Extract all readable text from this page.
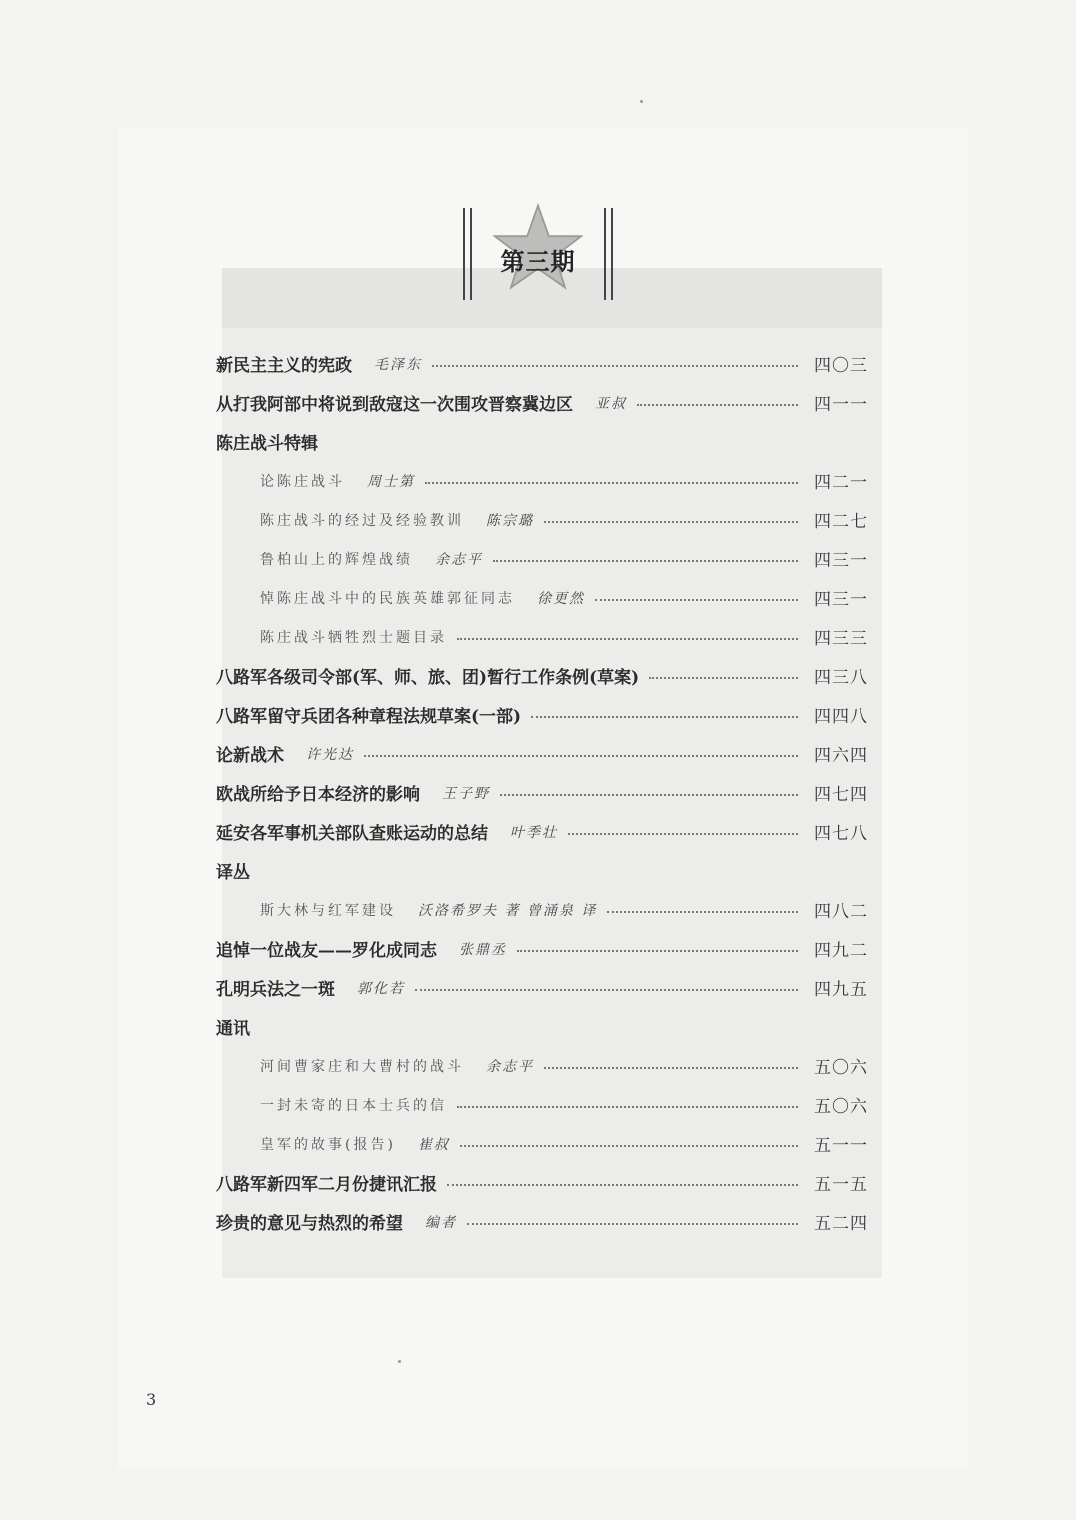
第三期
新民主主义的宪政 毛泽东	四〇三
从打我阿部中将说到敌寇这一次围攻晋察冀边区 亚叔	四一一
陈庄战斗特辑
论陈庄战斗 周士第	四二一
陈庄战斗的经过及经验教训 陈宗璐	四二七
鲁柏山上的辉煌战绩 余志平	四三一
悼陈庄战斗中的民族英雄郭征同志 徐更然	四三一
陈庄战斗牺牲烈士题目录	四三三
八路军各级司令部(军、师、旅、团)暂行工作条例(草案)	四三八
八路军留守兵团各种章程法规草案(一部)	四四八
论新战术 许光达	四六四
欧战所给予日本经济的影响 王子野	四七四
延安各军事机关部队查账运动的总结 叶季壮	四七八
译丛
斯大林与红军建设 沃洛希罗夫 著 曾涌泉 译	四八二
追悼一位战友——罗化成同志 张鼎丞	四九二
孔明兵法之一斑 郭化若	四九五
通讯
河间曹家庄和大曹村的战斗 余志平	五〇六
一封未寄的日本士兵的信	五〇六
皇军的故事(报告) 崔叔	五一一
八路军新四军二月份捷讯汇报	五一五
珍贵的意见与热烈的希望 编者	五二四
3
